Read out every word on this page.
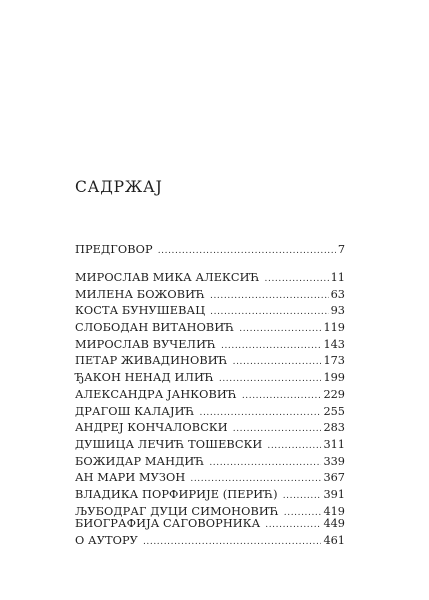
САДРЖАЈ
ПРЕДГОВОР .....	7
МИРОСЛАВ МИКА АЛЕКСИЋ .....	11
МИЛЕНА БОЖОВИЋ .....	63
КОСТА БУНУШЕВАЦ .....	93
СЛОБОДАН ВИТАНОВИЋ .....	119
МИРОСЛАВ ВУЧЕЛИЋ .....	143
ПЕТАР ЖИВАДИНОВИЋ .....	173
ЂАКОН НЕНАД ИЛИЋ .....	199
АЛЕКСАНДРА ЈАНКОВИЋ .....	229
ДРАГОШ КАЛАЈИЋ .....	255
АНДРЕЈ КОНЧАЛОВСКИ .....	283
ДУШИЦА ЛЕЧИЋ ТОШЕВСКИ .....	311
БОЖИДАР МАНДИЋ .....	339
АН МАРИ МУЗОН .....	367
ВЛАДИКА ПОРФИРИЈЕ (ПЕРИЋ) .....	391
ЉУБОДРАГ ДУЦИ СИМОНОВИЋ .....	419
БИОГРАФИЈА САГОВОРНИКА .....	449
О АУТОРУ .....	461
